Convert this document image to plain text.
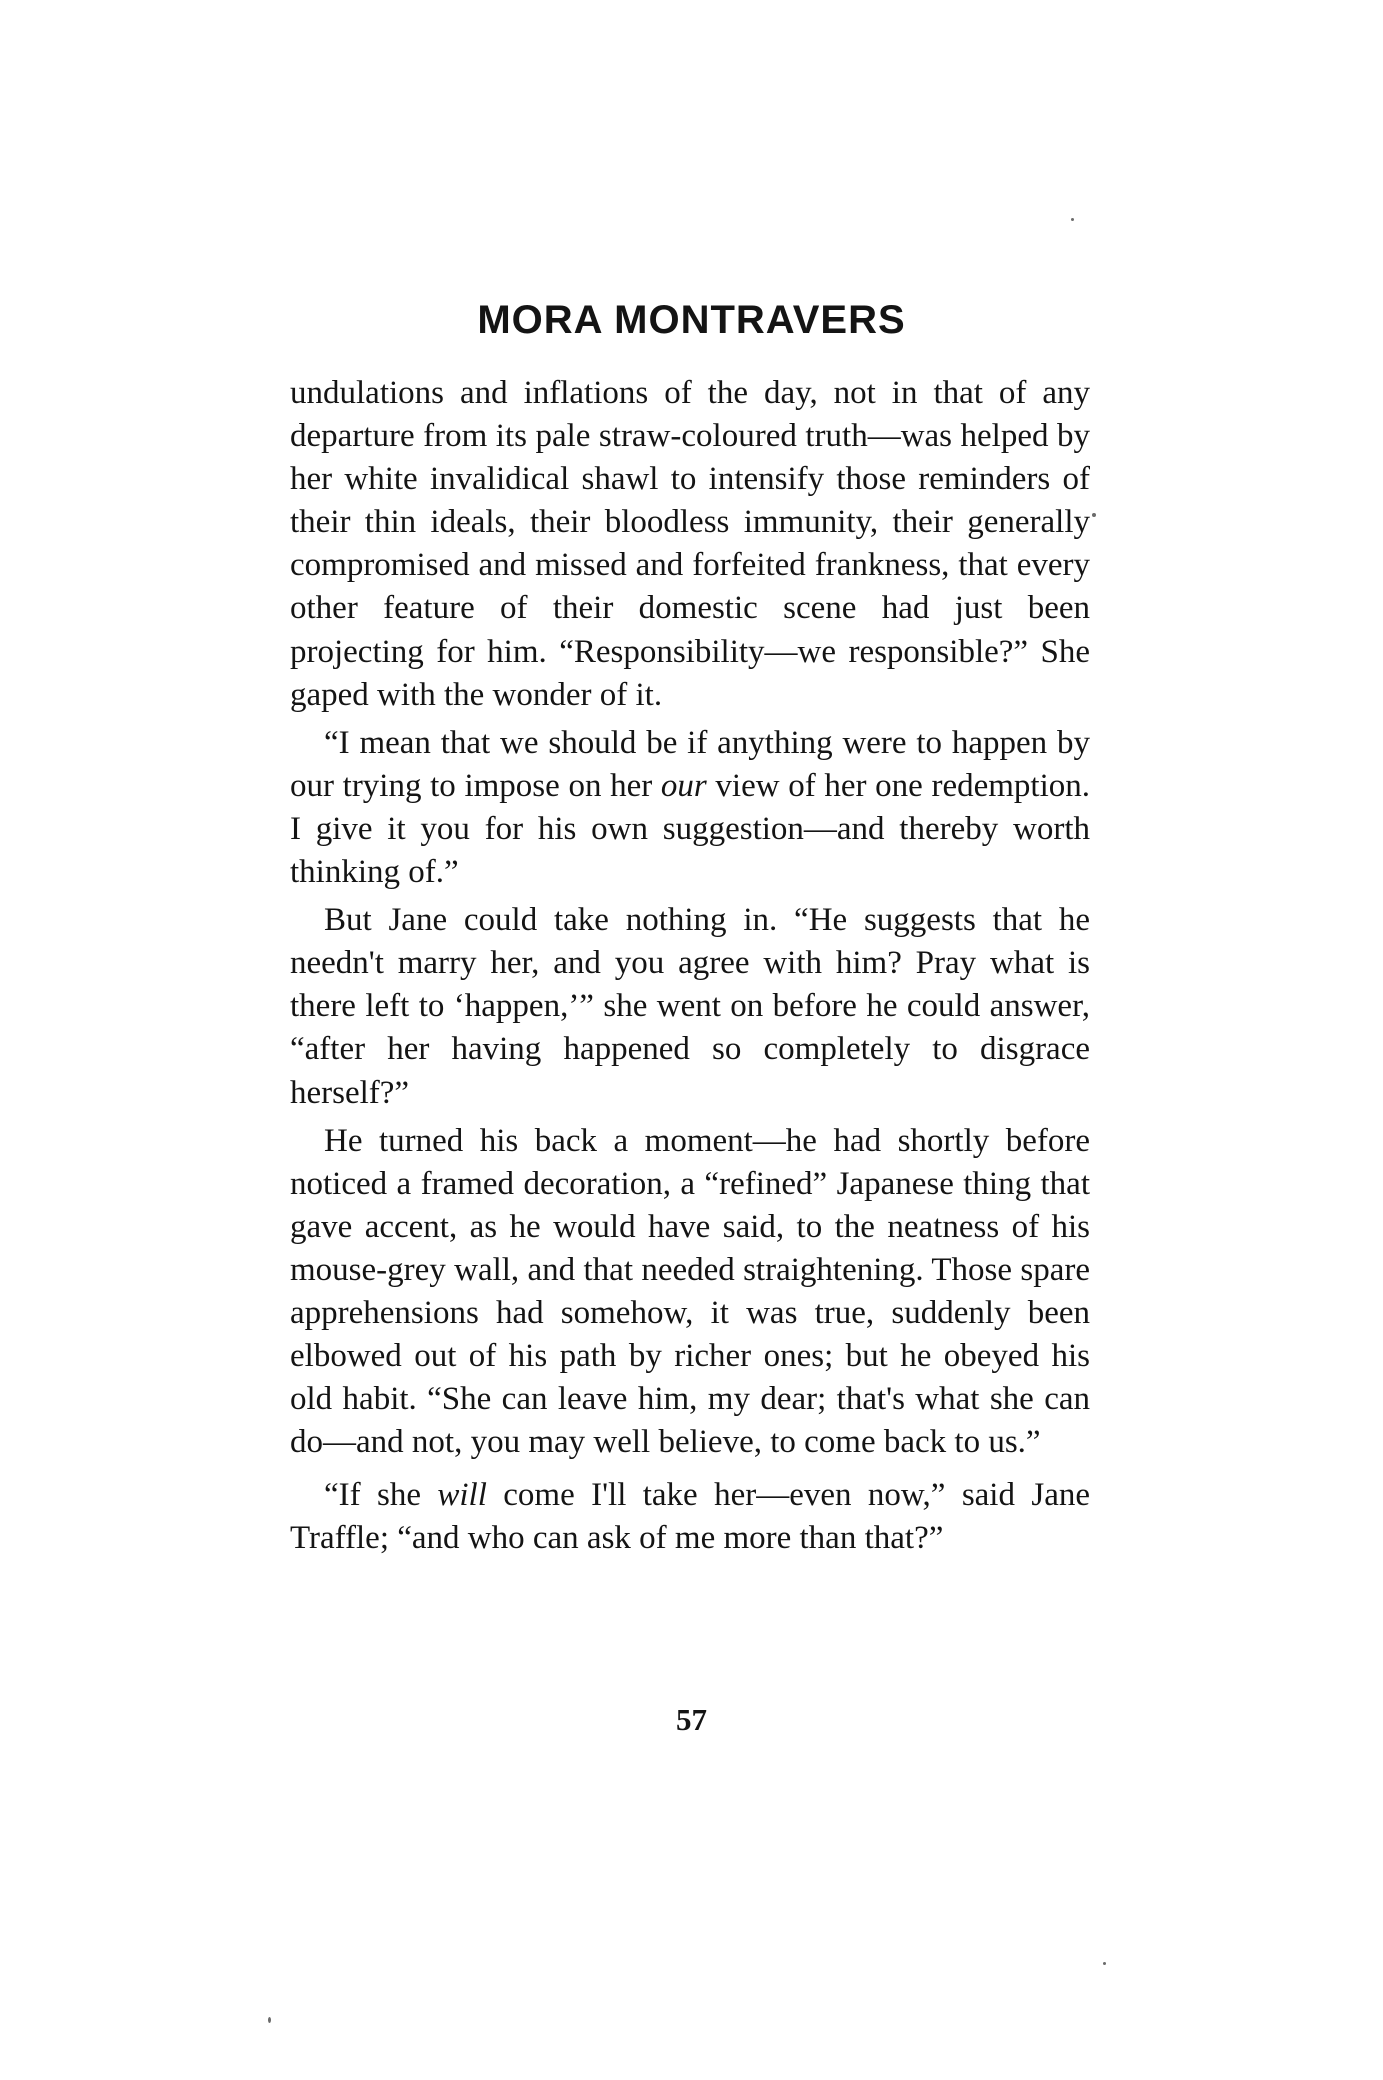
MORA MONTRAVERS

undulations and inflations of the day, not in that of any departure from its pale straw-coloured truth—was helped by her white invalidical shawl to intensify those reminders of their thin ideals, their bloodless immunity, their generally compromised and missed and forfeited frankness, that every other feature of their domestic scene had just been projecting for him. “Responsibility—we responsible?” She gaped with the wonder of it.

“I mean that we should be if anything were to happen by our trying to impose on her our view of her one redemption. I give it you for his own suggestion—and thereby worth thinking of.”

But Jane could take nothing in. “He suggests that he needn't marry her, and you agree with him? Pray what is there left to ‘happen,’” she went on before he could answer, “after her having happened so completely to disgrace herself?”

He turned his back a moment—he had shortly before noticed a framed decoration, a “refined” Japanese thing that gave accent, as he would have said, to the neatness of his mouse-grey wall, and that needed straightening. Those spare apprehensions had somehow, it was true, suddenly been elbowed out of his path by richer ones; but he obeyed his old habit. “She can leave him, my dear; that's what she can do—and not, you may well believe, to come back to us.”

“If she will come I'll take her—even now,” said Jane Traffle; “and who can ask of me more than that?”

57
